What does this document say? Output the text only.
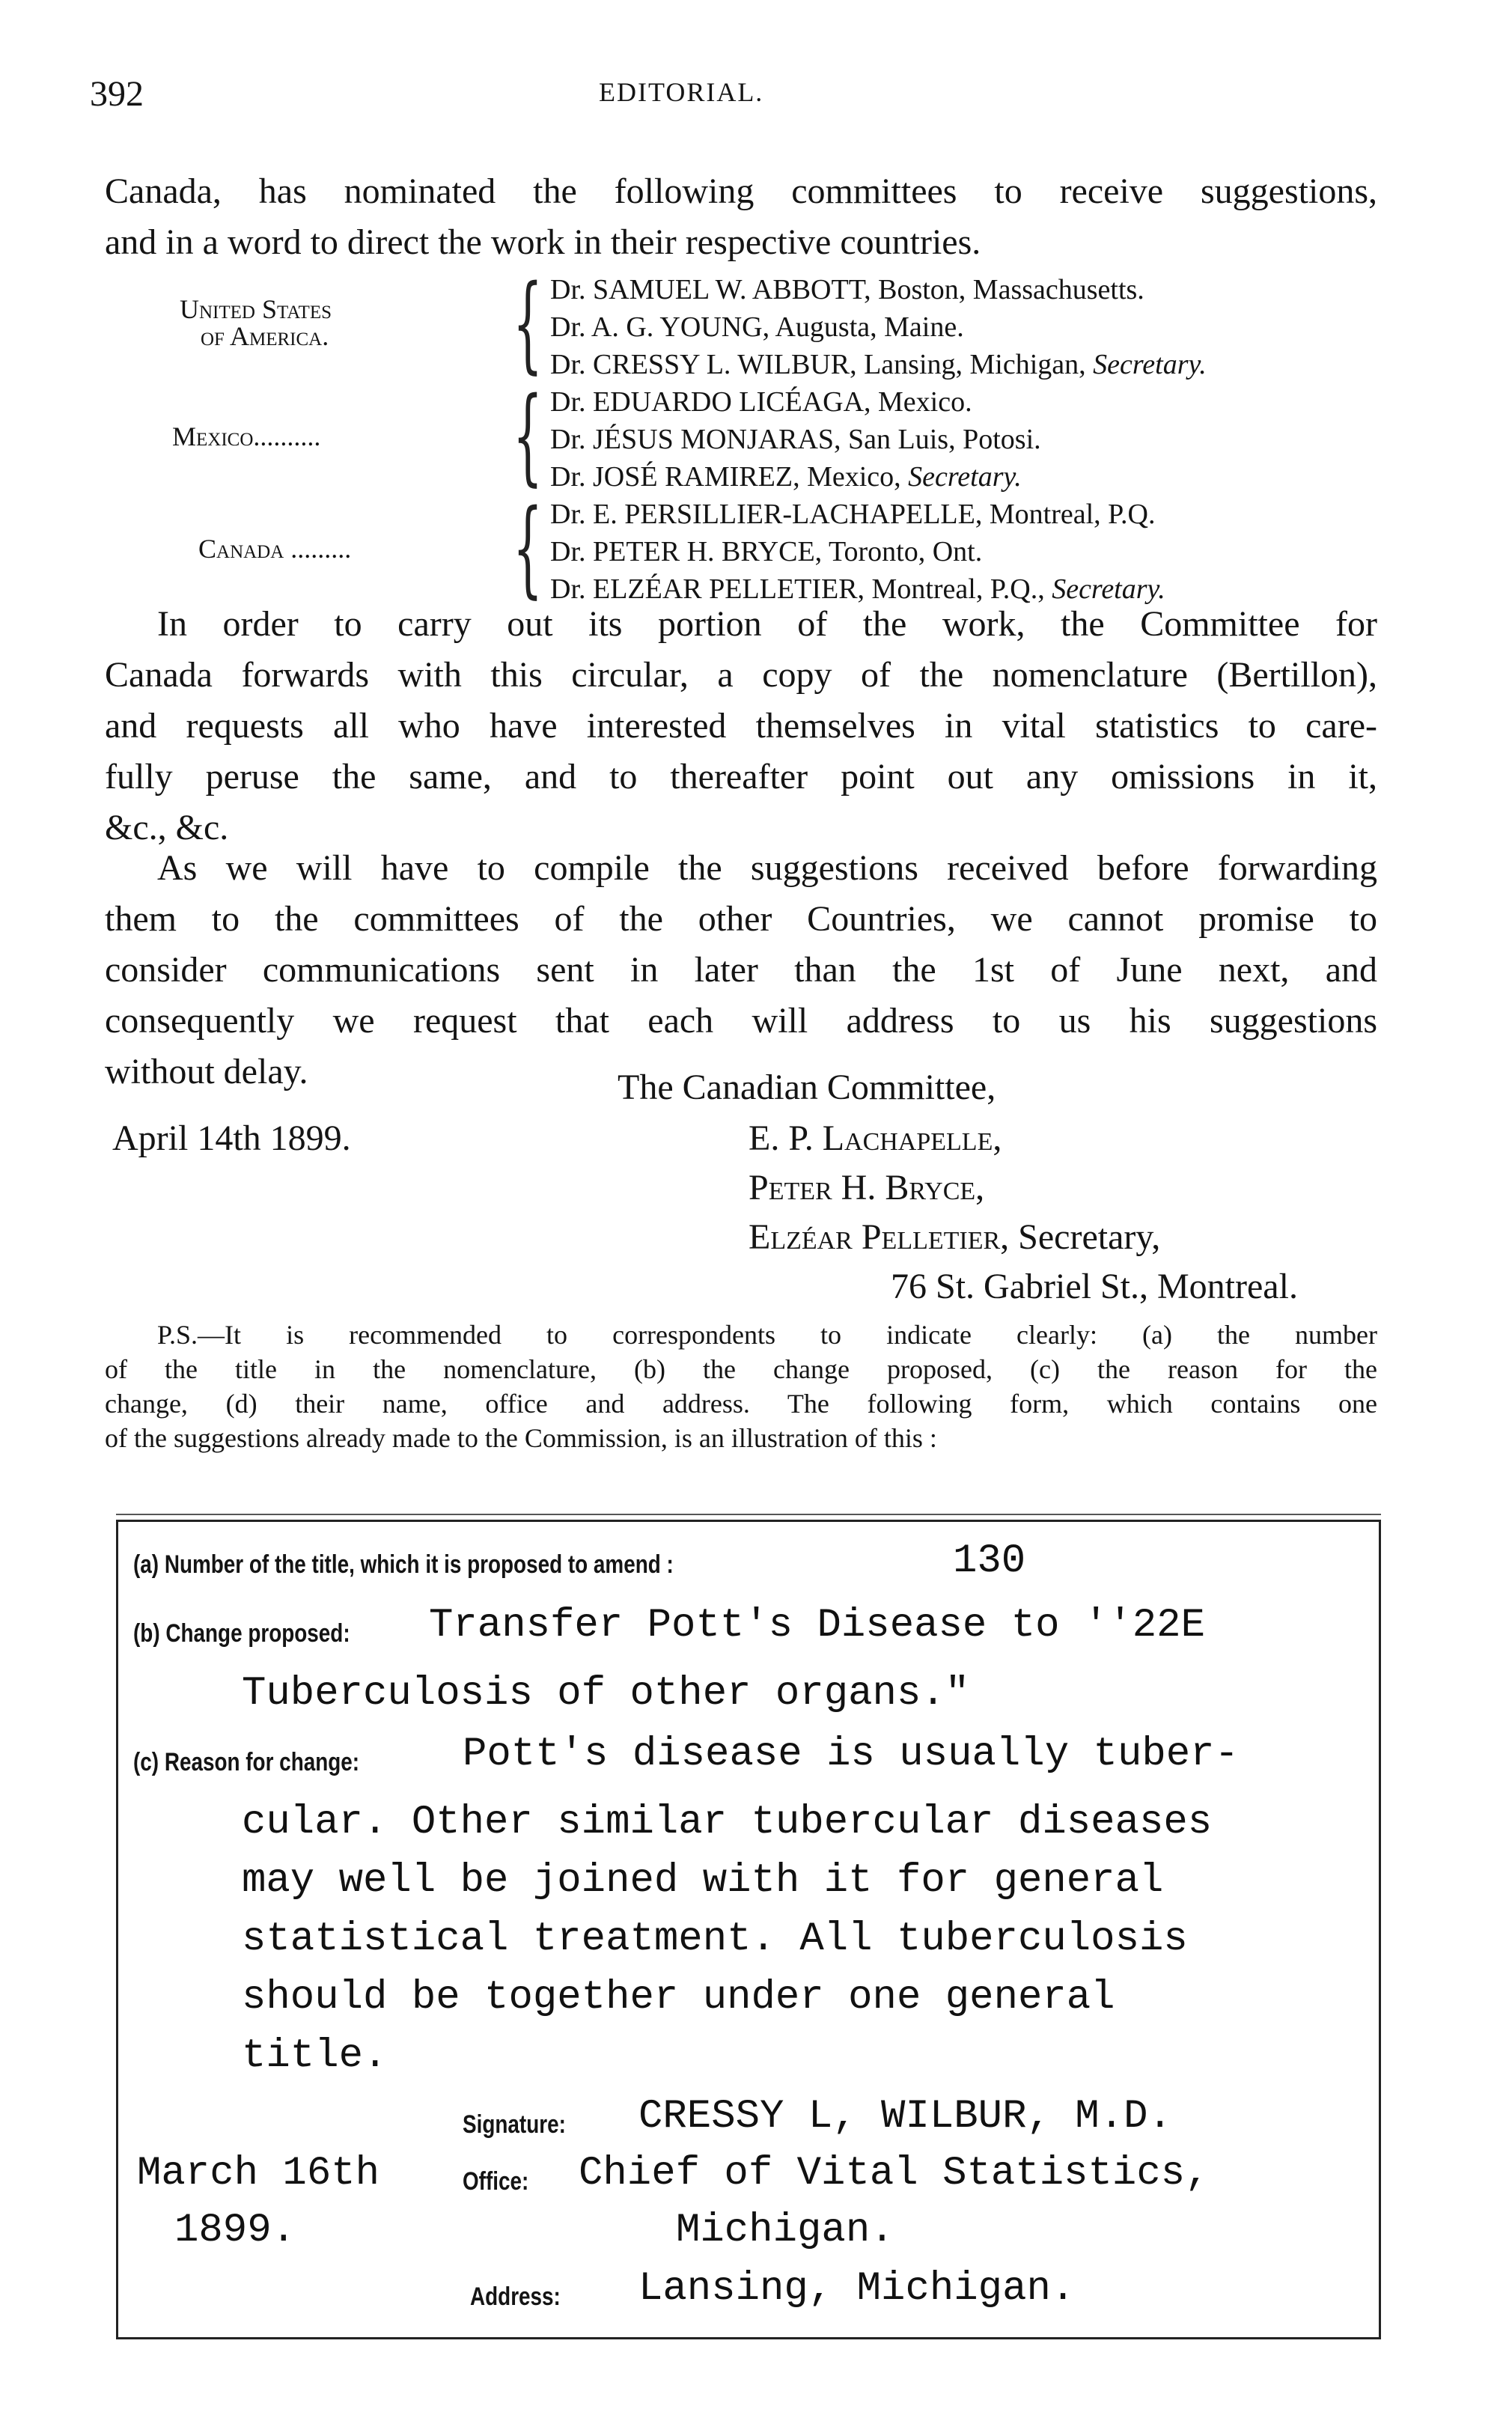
392	EDITORIAL.

Canada, has nominated the following committees to receive suggestions,

and in a word to direct the work in their respective countries.

United States
of America. { Dr. SAMUEL W. ABBOTT, Boston, Massachusetts.
Dr. A. G. YOUNG, Augusta, Maine.
Dr. CRESSY L. WILBUR, Lansing, Michigan, Secretary.
Mexico.......... { Dr. EDUARDO LICÉAGA, Mexico.
Dr. JÉSUS MONJARAS, San Luis, Potosi.
Dr. JOSÉ RAMIREZ, Mexico, Secretary.
Canada ......... { Dr. E. PERSILLIER-LACHAPELLE, Montreal, P.Q.
Dr. PETER H. BRYCE, Toronto, Ont.
Dr. ELZÉAR PELLETIER, Montreal, P.Q., Secretary.

In order to carry out its portion of the work, the Committee for

Canada forwards with this circular, a copy of the nomenclature (Bertillon),

and requests all who have interested themselves in vital statistics to care-

fully peruse the same, and to thereafter point out any omissions in it,

&c., &c.

As we will have to compile the suggestions received before forwarding

them to the committees of the other Countries, we cannot promise to

consider communications sent in later than the 1st of June next, and

consequently we request that each will address to us his suggestions

without delay.	The Canadian Committee,
April 14th 1899.	E. P. Lachapelle,
Peter H. Bryce,
Elzéar Pelletier, Secretary,
76 St. Gabriel St., Montreal.

P.S.—It is recommended to correspondents to indicate clearly: (a) the number

of the title in the nomenclature, (b) the change proposed, (c) the reason for the

change, (d) their name, office and address. The following form, which contains one

of the suggestions already made to the Commission, is an illustration of this :

(a) Number of the title, which it is proposed to amend :	130
(b) Change proposed: Transfer Pott's Disease to ''22E
Tuberculosis of other organs."
(c) Reason for change:	Pott's disease is usually tuber-
cular. Other similar tubercular diseases
may well be joined with it for general
statistical treatment. All tuberculosis
should be together under one general
title.
Signature: CRESSY L, WILBUR, M.D.
March 16th	Office: Chief of Vital Statistics,
1899.	Michigan.
Address: Lansing, Michigan.
